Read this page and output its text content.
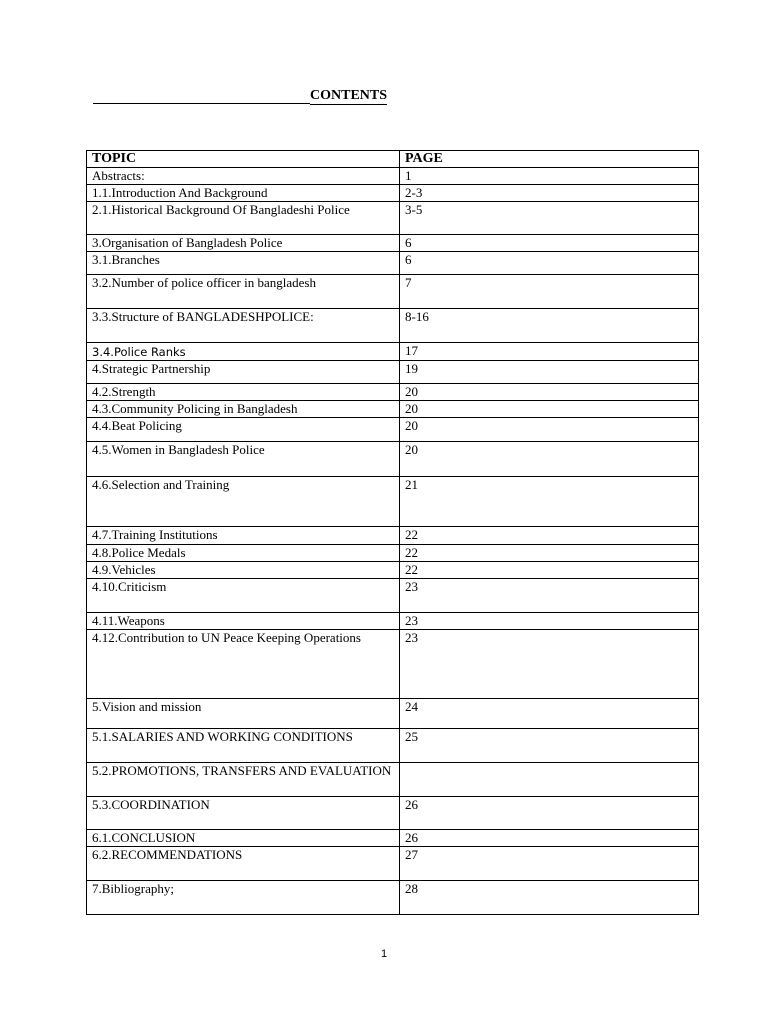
CONTENTS
TOPIC	PAGE
Abstracts:	1
1.1.Introduction And Background	2-3
2.1.Historical Background Of Bangladeshi Police	3-5
3.Organisation of Bangladesh Police	6
3.1.Branches	6
3.2.Number of police officer in bangladesh	7
3.3.Structure of BANGLADESHPOLICE:	8-16
3.4.Police Ranks	17
4.Strategic Partnership	19
4.2.Strength	20
4.3.Community Policing in Bangladesh	20
4.4.Beat Policing	20
4.5.Women in Bangladesh Police	20
4.6.Selection and Training	21
4.7.Training Institutions	22
4.8.Police Medals	22
4.9.Vehicles	22
4.10.Criticism	23
4.11.Weapons	23
4.12.Contribution to UN Peace Keeping Operations	23
5.Vision and mission	24
5.1.SALARIES AND WORKING CONDITIONS	25
5.2.PROMOTIONS, TRANSFERS AND EVALUATION	
5.3.COORDINATION	26
6.1.CONCLUSION	26
6.2.RECOMMENDATIONS	27
7.Bibliography;	28
1
